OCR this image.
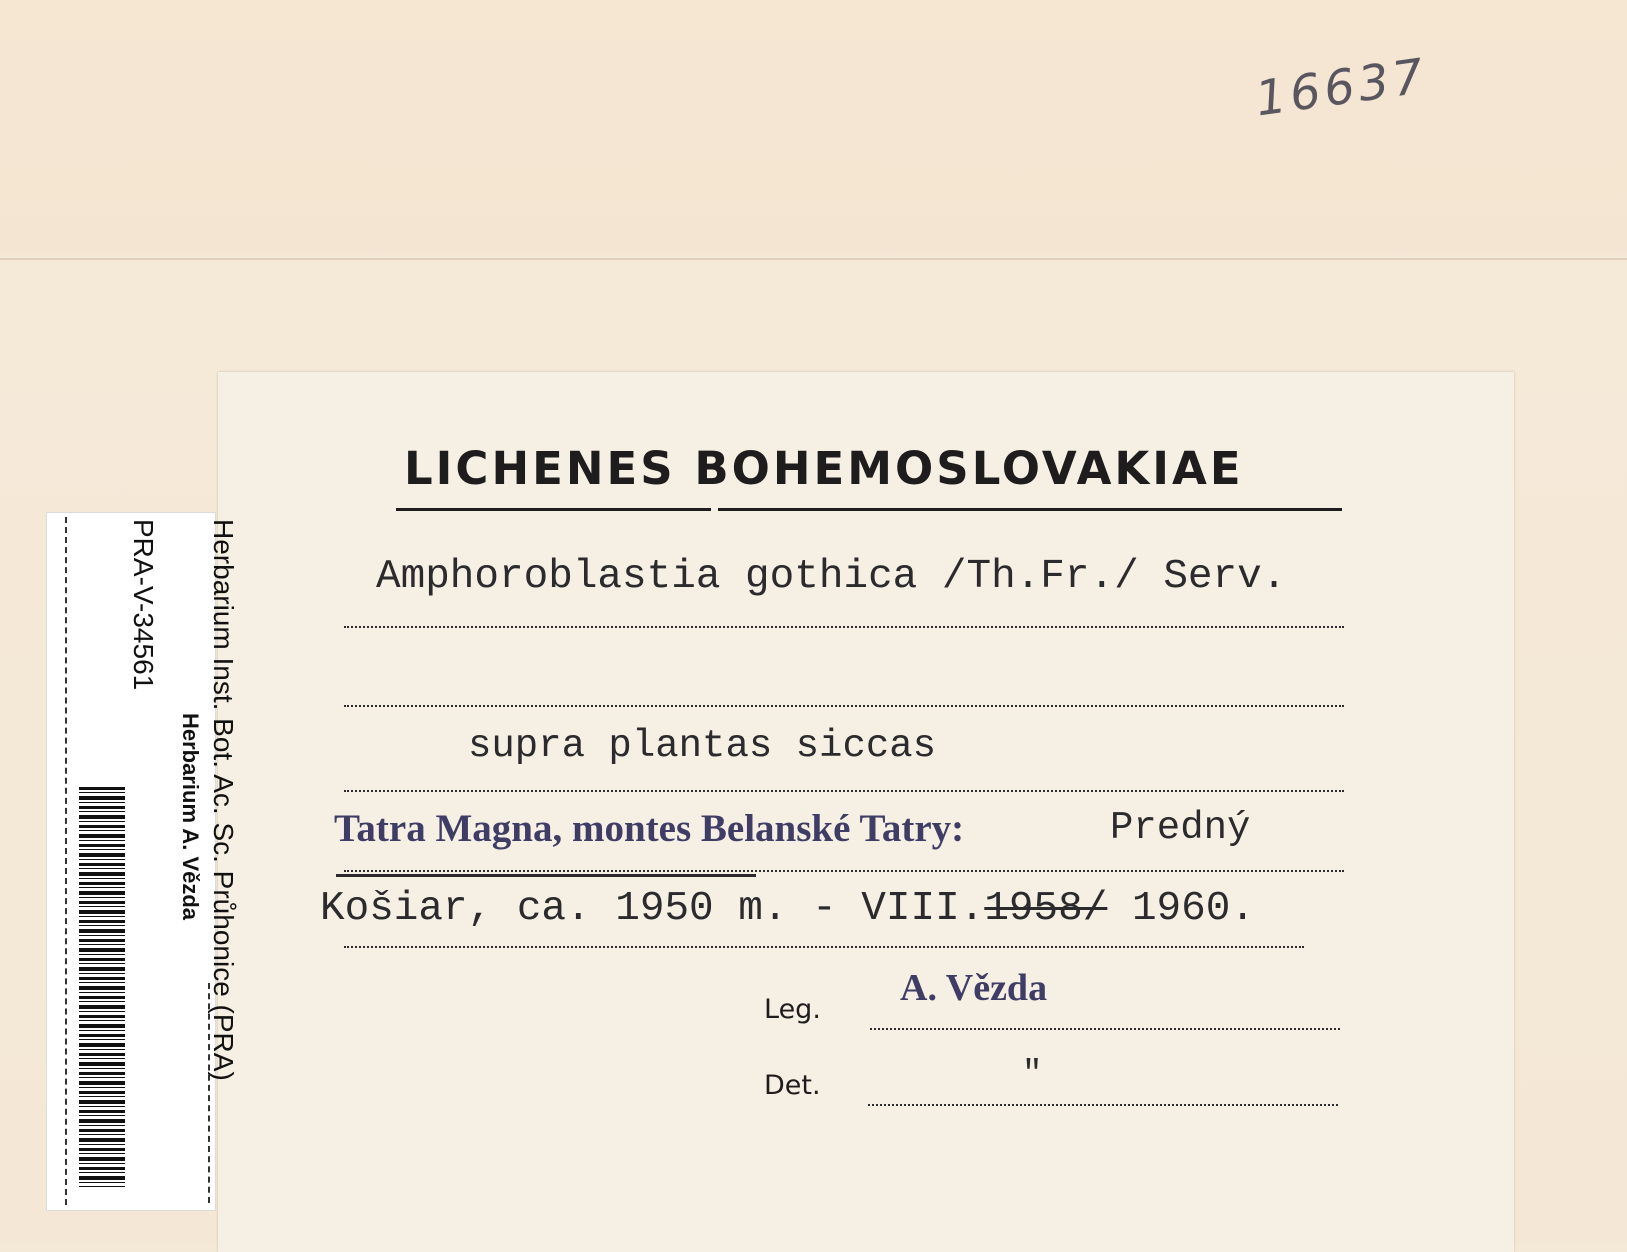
16637
LICHENES BOHEMOSLOVAKIAE
Amphoroblastia gothica /Th.Fr./ Serv.
supra plantas siccas
Tatra Magna, montes Belanské Tatry:	Predný
Košiar, ca. 1950 m. - VIII.1958/ 1960.
Leg.
A. Vězda
Det.	"
Herbarium Inst. Bot. Ac. Sc. Průhonice (PRA)
Herbarium A. Vězda
PRA-V-34561
